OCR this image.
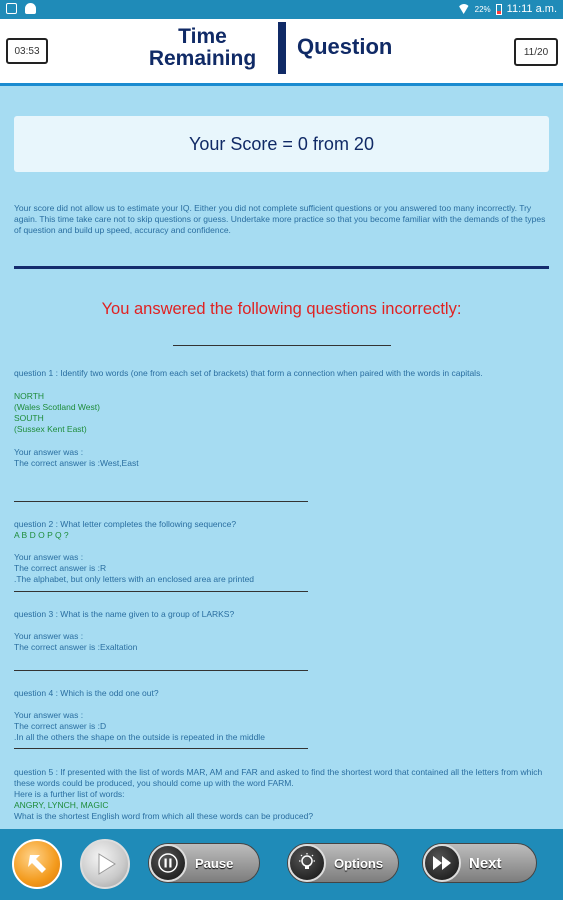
22% 11:11 a.m.
03:53
Time
Remaining	Question	11/20
Your Score = 0 from 20
Your score did not allow us to estimate your IQ. Either you did not complete sufficient questions or you answered too many incorrectly. Try again. This time take care not to skip questions or guess. Undertake more practice so that you become familiar with the demands of the types of question and build up speed, accuracy and confidence.
You answered the following questions incorrectly:
question 1 : Identify two words (one from each set of brackets) that form a connection when paired with the words in capitals.
NORTH
(Wales Scotland West)
SOUTH
(Sussex Kent East)
Your answer was :
The correct answer is :West,East
question 2 : What letter completes the following sequence?
A B D O P Q ?
Your answer was :
The correct answer is :R
.The alphabet, but only letters with an enclosed area are printed
question 3 : What is the name given to a group of LARKS?
Your answer was :
The correct answer is :Exaltation
question 4 : Which is the odd one out?
Your answer was :
The correct answer is :D
.In all the others the shape on the outside is repeated in the middle
question 5 : If presented with the list of words MAR, AM and FAR and asked to find the shortest word that contained all the letters from which these words could be produced, you should come up with the word FARM.
Here is a further list of words:
ANGRY, LYNCH, MAGIC
What is the shortest English word from which all these words can be produced?
Pause	Options	Next
